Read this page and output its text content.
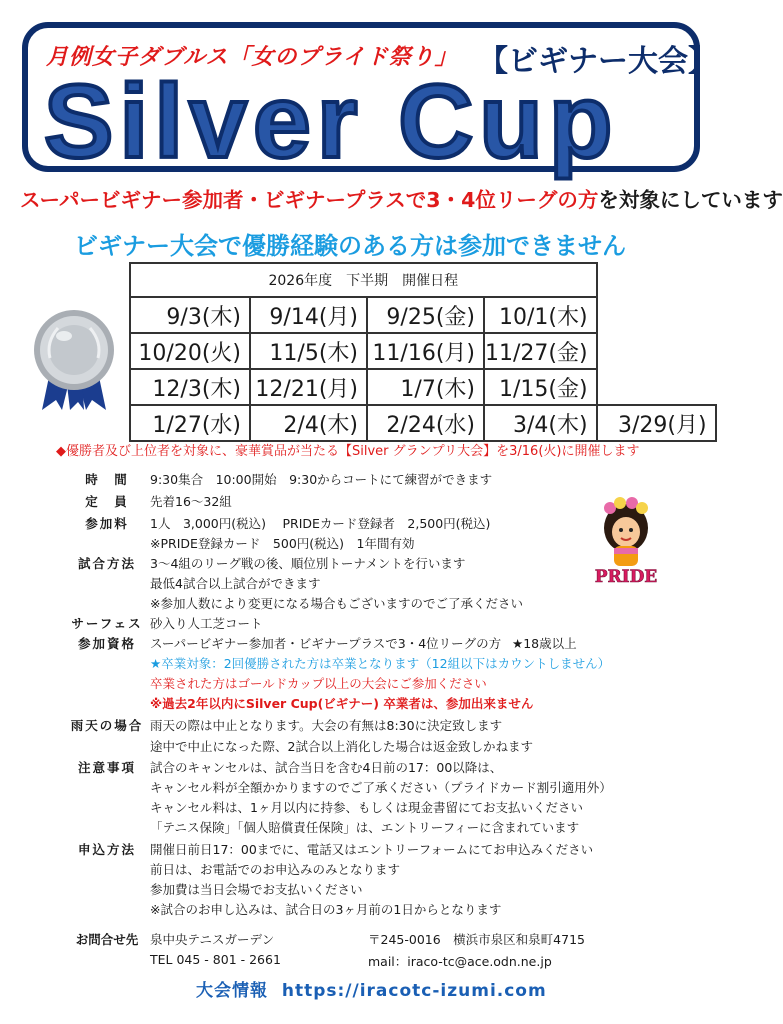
月例女子ダブルス「女のプライド祭り」 【ビギナー大会】
Silver Cup
スーパービギナー参加者・ビギナープラスで3・4位リーグの方を対象にしています
ビギナー大会で優勝経験のある方は参加できません
2026年度　下半期　開催日程				
9/3(木)	9/14(月)	9/25(金)	10/1(木)	
10/20(火)	11/5(木)	11/16(月)	11/27(金)	
12/3(木)	12/21(月)	1/7(木)	1/15(金)	
1/27(水)	2/4(木)	2/24(水)	3/4(木)	3/29(月)
◆優勝者及び上位者を対象に、豪華賞品が当たる【Silver グランプリ大会】を3/16(火)に開催します
PRIDE
時　間	9:30集合　10:00開始　9:30からコートにて練習ができます
定　員	先着16～32組
参加料	1人　3,000円(税込)　 PRIDEカード登録者　2,500円(税込)
※PRIDE登録カード　500円(税込)　1年間有効
試合方法	3～4組のリーグ戦の後、順位別トーナメントを行います
最低4試合以上試合ができます
※参加人数により変更になる場合もございますのでご了承ください
サーフェス 砂入り人工芝コート
参加資格	スーパービギナー参加者・ビギナープラスで3・4位リーグの方 ★18歳以上
★卒業対象：2回優勝された方は卒業となります（12組以下はカウントしません）
卒業された方はゴールドカップ以上の大会にご参加ください
※過去2年以内にSilver Cup(ビギナー) 卒業者は、参加出来ません
雨天の場合 雨天の際は中止となります。大会の有無は8:30に決定致します
途中で中止になった際、2試合以上消化した場合は返金致しかねます
注意事項	試合のキャンセルは、試合当日を含む4日前の17：00以降は、
キャンセル料が全額かかりますのでご了承ください（プライドカード割引適用外）
キャンセル料は、1ヶ月以内に持参、もしくは現金書留にてお支払いください
「テニス保険」「個人賠償責任保険」は、エントリーフィーに含まれています
申込方法	開催日前日17：00までに、電話又はエントリーフォームにてお申込みください
前日は、お電話でのお申込みのみとなります
参加費は当日会場でお支払いください
※試合のお申し込みは、試合日の3ヶ月前の1日からとなります
お問合せ先 泉中央テニスガーデン
TEL 045 - 801 - 2661
〒245-0016　横浜市泉区和泉町4715
mail：iraco-tc@ace.odn.ne.jp
大会情報 https://iracotc-izumi.com
